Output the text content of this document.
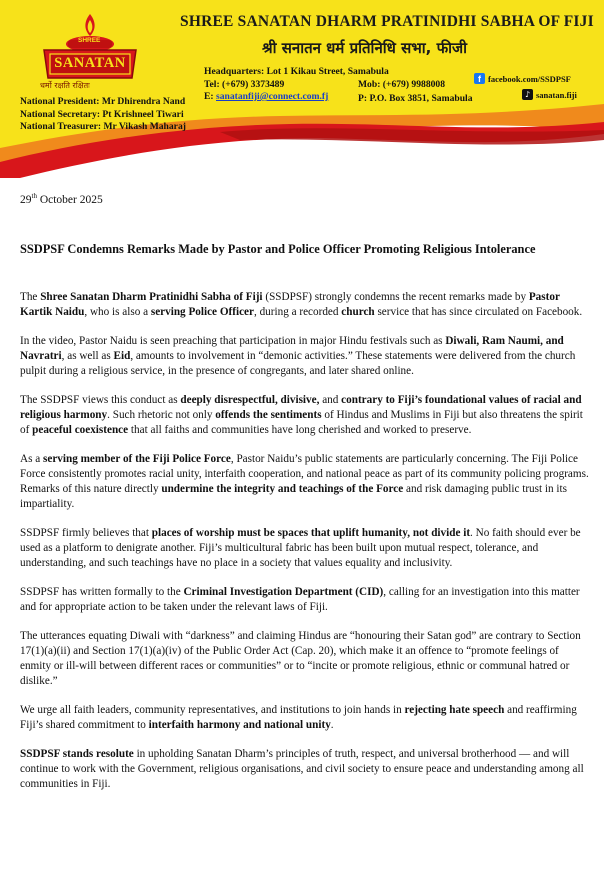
SHREE
SANATAN
धर्मो रक्षति रक्षितः
SHREE SANATAN DHARM PRATINIDHI SABHA OF FIJI
श्री सनातन धर्म प्रतिनिधि सभा, फीजी
National President: Mr Dhirendra Nand
National Secretary: Pt Krishneel Tiwari
National Treasurer: Mr Vikash Maharaj
Headquarters: Lot 1 Kikau Street, Samabula
Tel: (+679) 3373489
E: sanatanfiji@connect.com.fj
Mob: (+679) 9988008
P: P.O. Box 3851, Samabula
f facebook.com/SSDPSF
♪ sanatan.fiji
29th October 2025
SSDPSF Condemns Remarks Made by Pastor and Police Officer Promoting Religious Intolerance

The Shree Sanatan Dharm Pratinidhi Sabha of Fiji (SSDPSF) strongly condemns the recent remarks made by Pastor Kartik Naidu, who is also a serving Police Officer, during a recorded church service that has since circulated on Facebook.

In the video, Pastor Naidu is seen preaching that participation in major Hindu festivals such as Diwali, Ram Naumi, and Navratri, as well as Eid, amounts to involvement in “demonic activities.” These statements were delivered from the church pulpit during a religious service, in the presence of congregants, and later shared online.

The SSDPSF views this conduct as deeply disrespectful, divisive, and contrary to Fiji’s foundational values of racial and religious harmony. Such rhetoric not only offends the sentiments of Hindus and Muslims in Fiji but also threatens the spirit of peaceful coexistence that all faiths and communities have long cherished and worked to preserve.

As a serving member of the Fiji Police Force, Pastor Naidu’s public statements are particularly concerning. The Fiji Police Force consistently promotes racial unity, interfaith cooperation, and national peace as part of its community policing programs. Remarks of this nature directly undermine the integrity and teachings of the Force and risk damaging public trust in its impartiality.

SSDPSF firmly believes that places of worship must be spaces that uplift humanity, not divide it. No faith should ever be used as a platform to denigrate another. Fiji’s multicultural fabric has been built upon mutual respect, tolerance, and understanding, and such teachings have no place in a society that values equality and inclusivity.

SSDPSF has written formally to the Criminal Investigation Department (CID), calling for an investigation into this matter and for appropriate action to be taken under the relevant laws of Fiji.

The utterances equating Diwali with “darkness” and claiming Hindus are “honouring their Satan god” are contrary to Section 17(1)(a)(ii) and Section 17(1)(a)(iv) of the Public Order Act (Cap. 20), which make it an offence to “promote feelings of enmity or ill-will between different races or communities” or to “incite or promote religious, ethnic or communal hatred or dislike.”

We urge all faith leaders, community representatives, and institutions to join hands in rejecting hate speech and reaffirming Fiji’s shared commitment to interfaith harmony and national unity.

SSDPSF stands resolute in upholding Sanatan Dharm’s principles of truth, respect, and universal brotherhood — and will continue to work with the Government, religious organisations, and civil society to ensure peace and understanding among all communities in Fiji.
